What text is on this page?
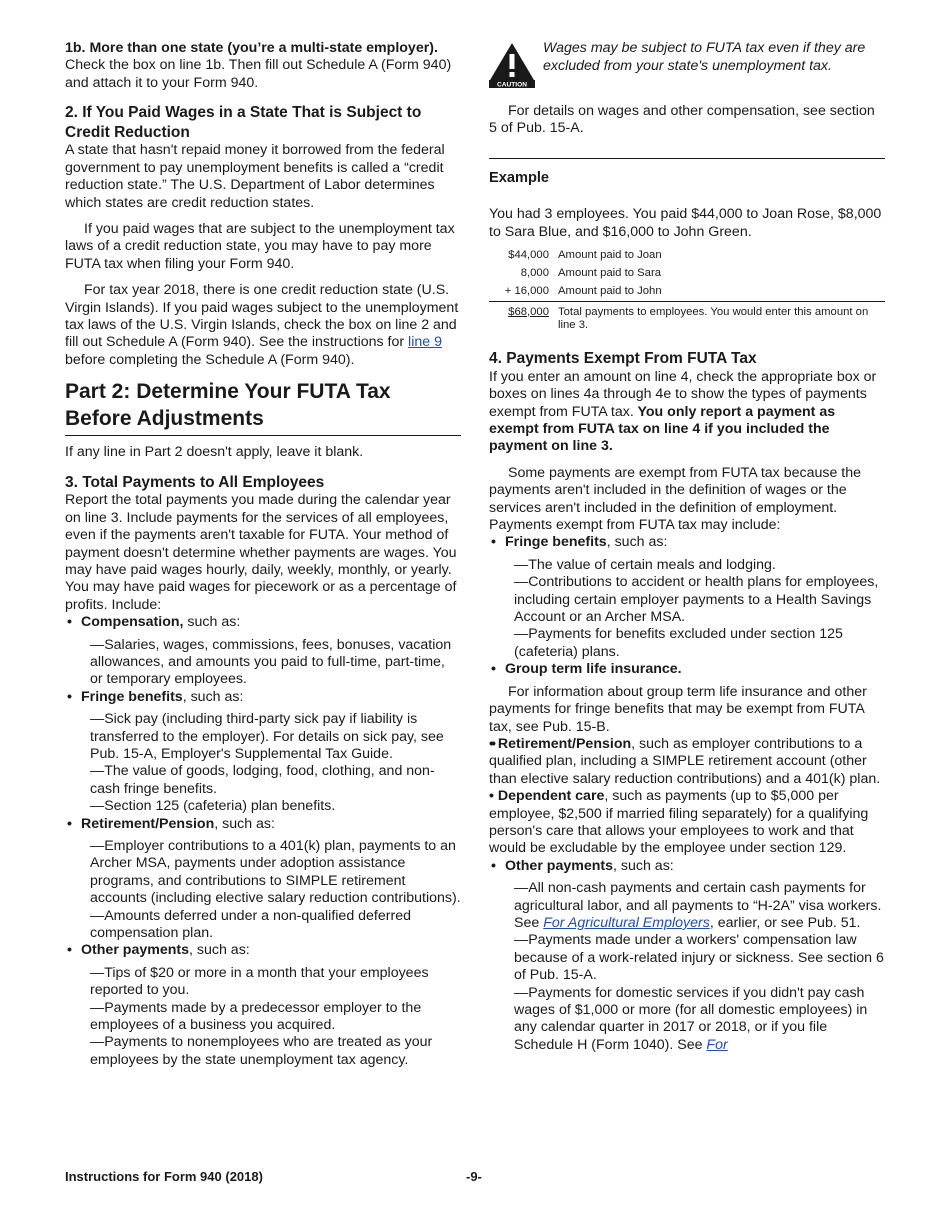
1b. More than one state (you’re a multi-state employer).  Check the box on line 1b. Then fill out Schedule A (Form 940) and attach it to your Form 940.

2. If You Paid Wages in a State That is Subject to Credit Reduction

A state that hasn't repaid money it borrowed from the federal government to pay unemployment benefits is called a “credit reduction state.” The U.S. Department of Labor determines which states are credit reduction states.

If you paid wages that are subject to the unemployment tax laws of a credit reduction state, you may have to pay more FUTA tax when filing your Form 940.

For tax year 2018, there is one credit reduction state (U.S. Virgin Islands). If you paid wages subject to the unemployment tax laws of the U.S. Virgin Islands, check the box on line 2 and fill out Schedule A (Form 940). See the instructions for line 9 before completing the Schedule A (Form 940).

Part 2: Determine Your FUTA Tax Before Adjustments

If any line in Part 2 doesn't apply, leave it blank.

3. Total Payments to All Employees

Report the total payments you made during the calendar year on line 3. Include payments for the services of all employees, even if the payments aren't taxable for FUTA. Your method of payment doesn't determine whether payments are wages. You may have paid wages hourly, daily, weekly, monthly, or yearly. You may have paid wages for piecework or as a percentage of profits. Include:

• Compensation, such as:

—Salaries, wages, commissions, fees, bonuses, vacation allowances, and amounts you paid to full-time, part-time, or temporary employees.

• Fringe benefits, such as:

—Sick pay (including third-party sick pay if liability is transferred to the employer). For details on sick pay, see Pub. 15-A, Employer's Supplemental Tax Guide.

—The value of goods, lodging, food, clothing, and non-cash fringe benefits.

—Section 125 (cafeteria) plan benefits.

• Retirement/Pension, such as:

—Employer contributions to a 401(k) plan, payments to an Archer MSA, payments under adoption assistance programs, and contributions to SIMPLE retirement accounts (including elective salary reduction contributions).

—Amounts deferred under a non-qualified deferred compensation plan.

• Other payments, such as:

—Tips of $20 or more in a month that your employees reported to you.

—Payments made by a predecessor employer to the employees of a business you acquired.

—Payments to nonemployees who are treated as your employees by the state unemployment tax agency.

CAUTION

Wages may be subject to FUTA tax even if they are excluded from your state's unemployment tax.

For details on wages and other compensation, see section 5 of Pub. 15-A.

Example

You had 3 employees. You paid $44,000 to Joan Rose, $8,000 to Sara Blue, and $16,000 to John Green.

$44,000 Amount paid to Joan
8,000 Amount paid to Sara
+ 16,000 Amount paid to John
$68,000 Total payments to employees. You would enter this amount on line 3.

4. Payments Exempt From FUTA Tax

If you enter an amount on line 4, check the appropriate box or boxes on lines 4a through 4e to show the types of payments exempt from FUTA tax. You only report a payment as exempt from FUTA tax on line 4 if you included the payment on line 3.

Some payments are exempt from FUTA tax because the payments aren't included in the definition of wages or the services aren't included in the definition of employment. Payments exempt from FUTA tax may include:

• Fringe benefits, such as:

—The value of certain meals and lodging.

—Contributions to accident or health plans for employees, including certain employer payments to a Health Savings Account or an Archer MSA.

—Payments for benefits excluded under section 125 (cafeteria) plans.

• Group term life insurance.

For information about group term life insurance and other payments for fringe benefits that may be exempt from FUTA tax, see Pub. 15-B.

• • Retirement/Pension, such as employer contributions to a qualified plan, including a SIMPLE retirement account (other than elective salary reduction contributions) and a 401(k) plan.

• Dependent care, such as payments (up to $5,000 per employee, $2,500 if married filing separately) for a qualifying person's care that allows your employees to work and that would be excludable by the employee under section 129.

• Other payments, such as:

—All non-cash payments and certain cash payments for agricultural labor, and all payments to “H-2A” visa workers. See For Agricultural Employers, earlier, or see Pub. 51.

—Payments made under a workers' compensation law because of a work-related injury or sickness. See section 6 of Pub. 15-A.

—Payments for domestic services if you didn't pay cash wages of $1,000 or more (for all domestic employees) in any calendar quarter in 2017 or 2018, or if you file Schedule H (Form 1040). See For

Instructions for Form 940 (2018)	-9-
